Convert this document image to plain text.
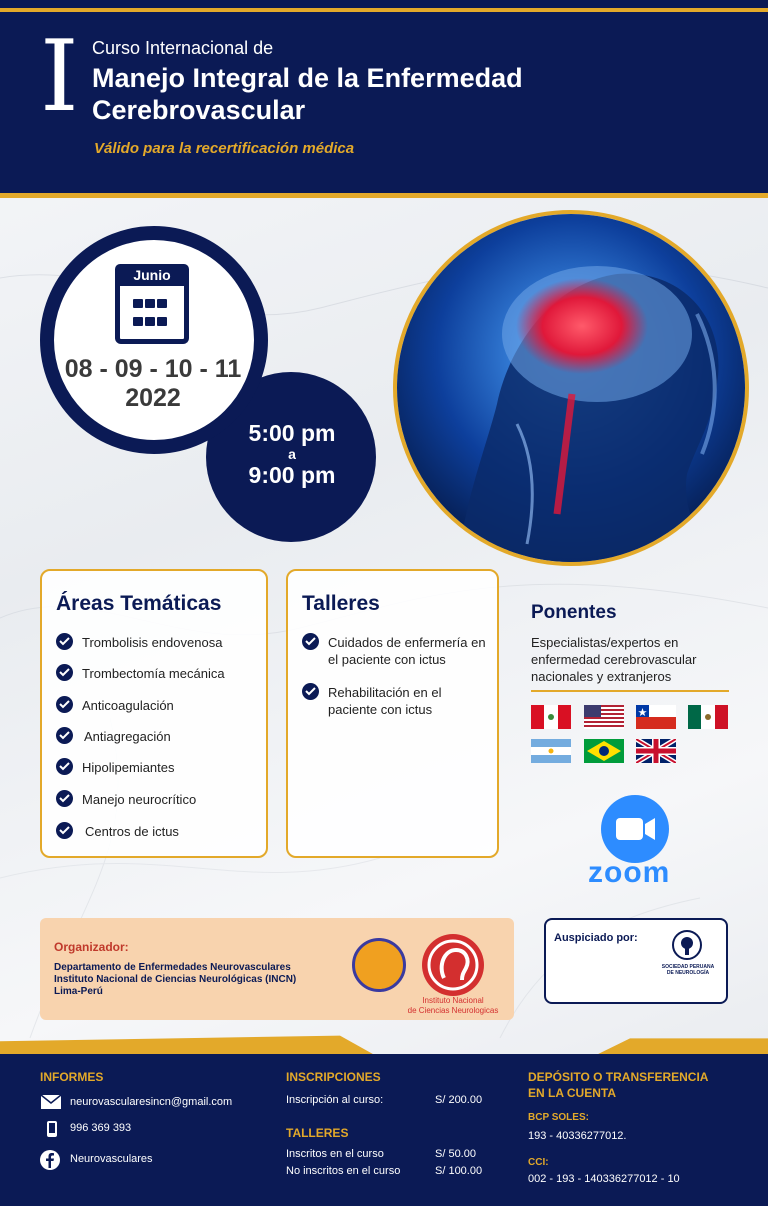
I Curso Internacional de
Manejo Integral de la Enfermedad Cerebrovascular
Válido para la recertificación médica
Junio
08 - 09 - 10 - 11
2022
5:00 pm
a
9:00 pm
Áreas Temáticas
Trombolisis endovenosa
Trombectomía mecánica
Anticoagulación
Antiagregación
Hipolipemiantes
Manejo neurocrítico
Centros de ictus
Talleres
Cuidados de enfermería en el paciente con ictus
Rehabilitación en el paciente con ictus
Ponentes
Especialistas/expertos en enfermedad cerebrovascular nacionales y extranjeros
zoom
Organizador:
Departamento de Enfermedades Neurovasculares
Instituto Nacional de Ciencias Neurológicas (INCN)
Lima-Perú
Instituto Nacional
de Ciencias Neurologicas
Auspiciado por:
SOCIEDAD PERUANA
DE NEUROLOGÍA
INFORMES
neurovascularesincn@gmail.com
996 369 393
Neurovasculares
INSCRIPCIONES
Inscripción al curso:	S/ 200.00
TALLERES
Inscritos en el curso	S/ 50.00
No inscritos en el curso	S/ 100.00
DEPÓSITO O TRANSFERENCIA
EN LA CUENTA
BCP SOLES:
193 - 40336277012.
CCI:
002 - 193 - 140336277012 - 10
